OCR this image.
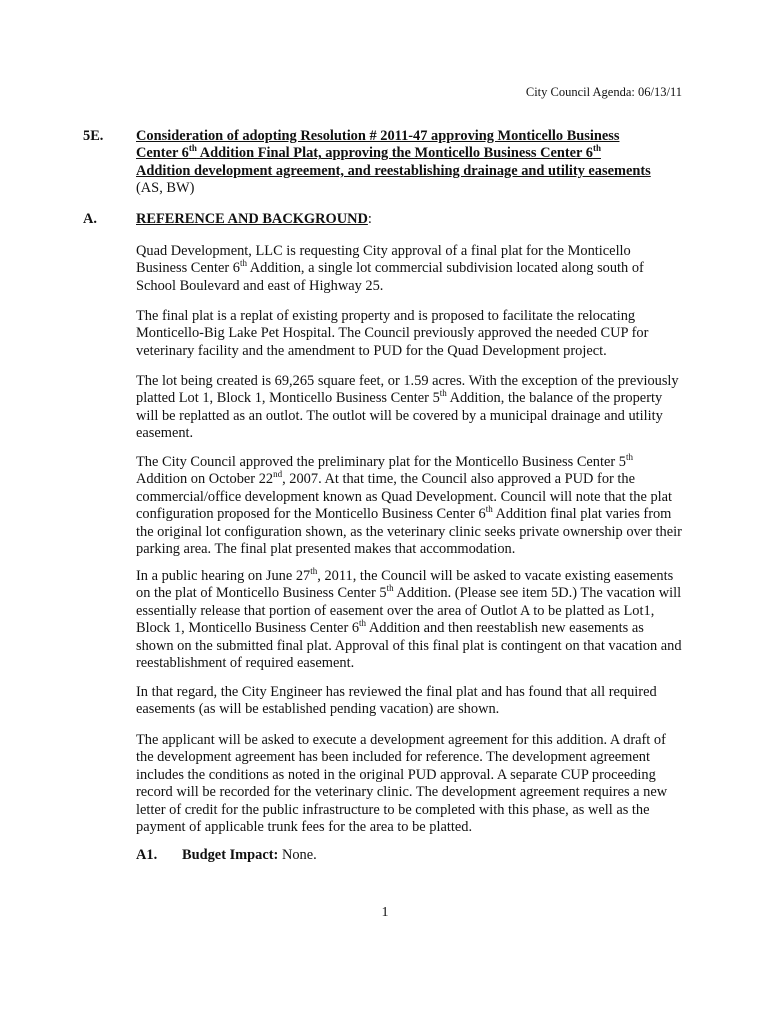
City Council Agenda: 06/13/11
5E.	Consideration of adopting Resolution # 2011-47 approving Monticello Business
Center 6th Addition Final Plat, approving the Monticello Business Center 6th
Addition development agreement, and reestablishing drainage and utility easements
(AS, BW)
A.	REFERENCE AND BACKGROUND:
Quad Development, LLC is requesting City approval of a final plat for the Monticello Business Center 6th Addition, a single lot commercial subdivision located along south of School Boulevard and east of Highway 25.
The final plat is a replat of existing property and is proposed to facilitate the relocating Monticello-Big Lake Pet Hospital. The Council previously approved the needed CUP for veterinary facility and the amendment to PUD for the Quad Development project.
The lot being created is 69,265 square feet, or 1.59 acres. With the exception of the previously platted Lot 1, Block 1, Monticello Business Center 5th Addition, the balance of the property will be replatted as an outlot. The outlot will be covered by a municipal drainage and utility easement.
The City Council approved the preliminary plat for the Monticello Business Center 5th Addition on October 22nd, 2007. At that time, the Council also approved a PUD for the commercial/office development known as Quad Development. Council will note that the plat configuration proposed for the Monticello Business Center 6th Addition final plat varies from the original lot configuration shown, as the veterinary clinic seeks private ownership over their parking area. The final plat presented makes that accommodation.
In a public hearing on June 27th, 2011, the Council will be asked to vacate existing easements on the plat of Monticello Business Center 5th Addition. (Please see item 5D.) The vacation will essentially release that portion of easement over the area of Outlot A to be platted as Lot1, Block 1, Monticello Business Center 6th Addition and then reestablish new easements as shown on the submitted final plat. Approval of this final plat is contingent on that vacation and reestablishment of required easement.
In that regard, the City Engineer has reviewed the final plat and has found that all required easements (as will be established pending vacation) are shown.
The applicant will be asked to execute a development agreement for this addition. A draft of the development agreement has been included for reference. The development agreement includes the conditions as noted in the original PUD approval. A separate CUP proceeding record will be recorded for the veterinary clinic. The development agreement requires a new letter of credit for the public infrastructure to be completed with this phase, as well as the payment of applicable trunk fees for the area to be platted.
A1. Budget Impact: None.
1
